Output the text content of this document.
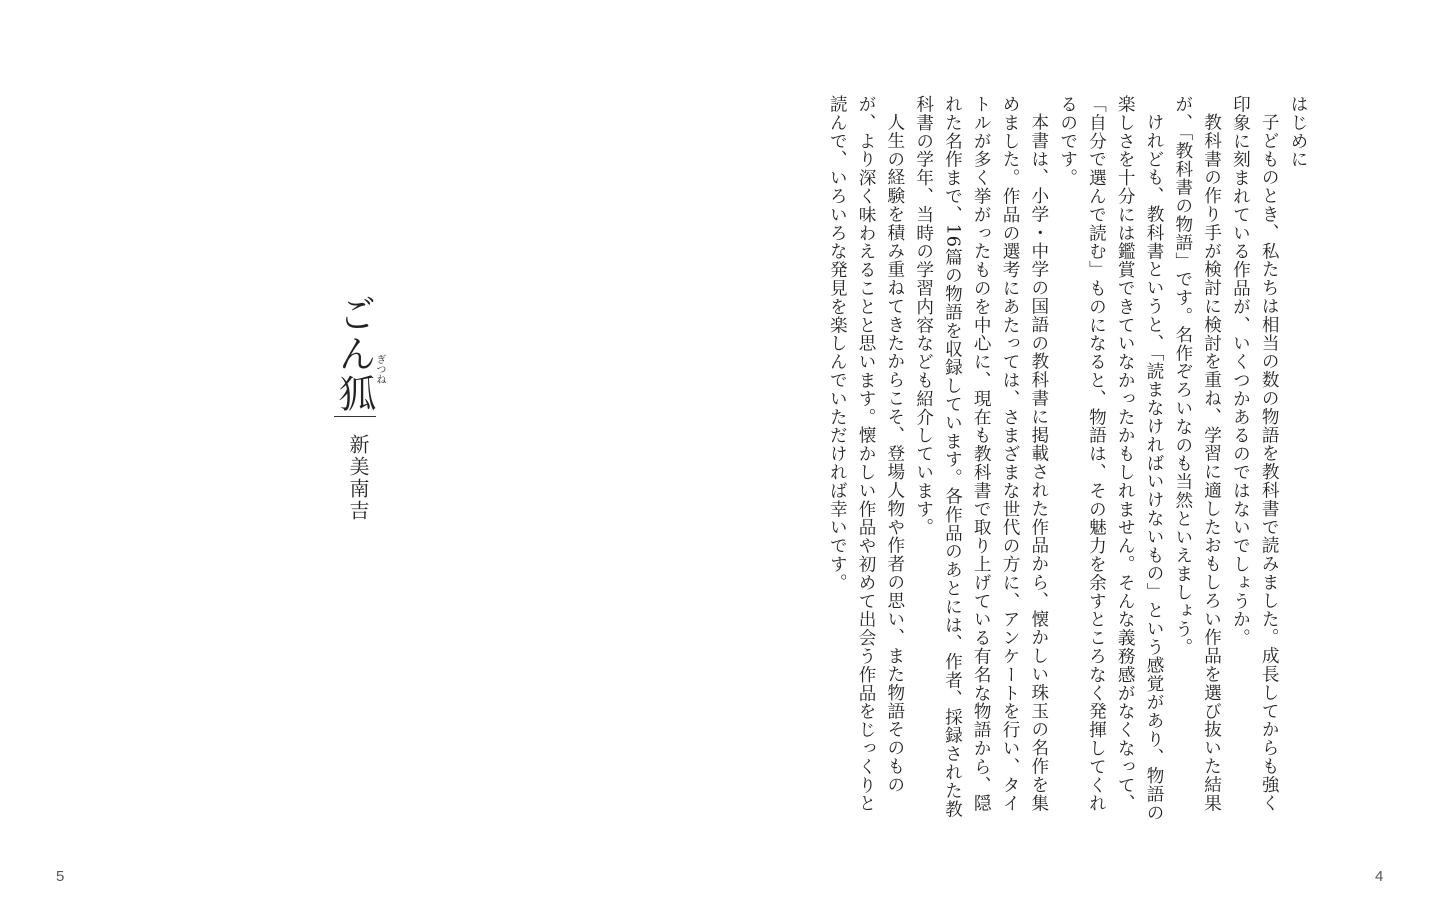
ごん狐
ぎつね
新美南吉
5
はじめに
子どものとき、私たちは相当の数の物語を教科書で読みました。成長してからも強く印象に刻まれている作品が、いくつかあるのではないでしょうか。
教科書の作り手が検討に検討を重ね、学習に適したおもしろい作品を選び抜いた結果が、「教科書の物語」です。名作ぞろいなのも当然といえましょう。
けれども、教科書というと、「読まなければいけないもの」という感覚があり、物語の楽しさを十分には鑑賞できていなかったかもしれません。そんな義務感がなくなって、「自分で選んで読む」ものになると、物語は、その魅力を余すところなく発揮してくれるのです。
本書は、小学・中学の国語の教科書に掲載された作品から、懐かしい珠玉の名作を集めました。作品の選考にあたっては、さまざまな世代の方に、アンケートを行い、タイトルが多く挙がったものを中心に、現在も教科書で取り上げている有名な物語から、隠れた名作まで、16篇の物語を収録しています。各作品のあとには、作者、採録された教科書の学年、当時の学習内容なども紹介しています。
人生の経験を積み重ねてきたからこそ、登場人物や作者の思い、また物語そのものが、より深く味わえることと思います。懐かしい作品や初めて出会う作品をじっくりと読んで、いろいろな発見を楽しんでいただければ幸いです。
4
